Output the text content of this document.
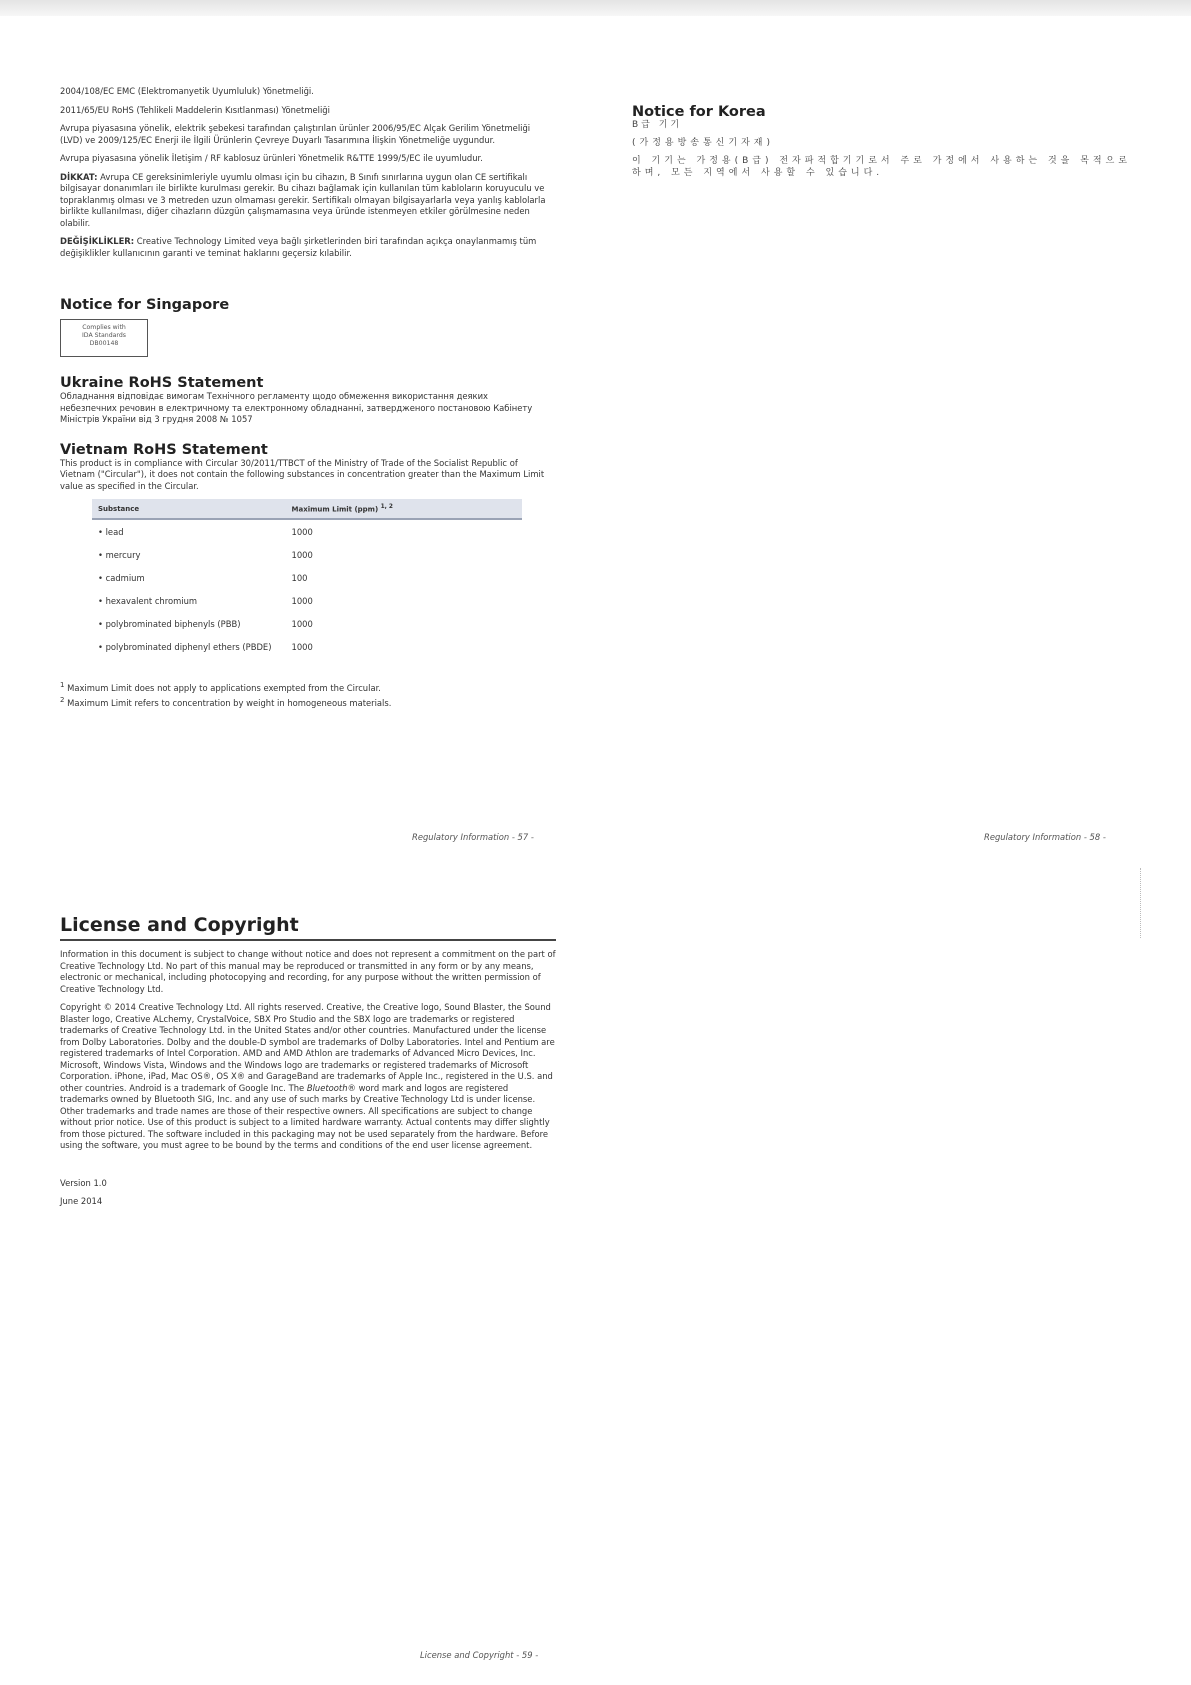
2004/108/EC EMC (Elektromanyetik Uyumluluk) Yönetmeliği.

2011/65/EU RoHS (Tehlikeli Maddelerin Kısıtlanması) Yönetmeliği

Avrupa piyasasına yönelik, elektrik şebekesi tarafından çalıştırılan ürünler 2006/95/EC Alçak Gerilim Yönetmeliği (LVD) ve 2009/125/EC Enerji ile İlgili Ürünlerin Çevreye Duyarlı Tasarımına İlişkin Yönetmeliğe uygundur.

Avrupa piyasasına yönelik İletişim / RF kablosuz ürünleri Yönetmelik R&TTE 1999/5/EC ile uyumludur.

DİKKAT: Avrupa CE gereksinimleriyle uyumlu olması için bu cihazın, B Sınıfı sınırlarına uygun olan CE sertifikalı bilgisayar donanımları ile birlikte kurulması gerekir. Bu cihazı bağlamak için kullanılan tüm kabloların koruyuculu ve topraklanmış olması ve 3 metreden uzun olmaması gerekir. Sertifikalı olmayan bilgisayarlarla veya yanlış kablolarla birlikte kullanılması, diğer cihazların düzgün çalışmamasına veya üründe istenmeyen etkiler görülmesine neden olabilir.

DEĞİŞİKLİKLER: Creative Technology Limited veya bağlı şirketlerinden biri tarafından açıkça onaylanmamış tüm değişiklikler kullanıcının garanti ve teminat haklarını geçersiz kılabilir.

Notice for Singapore
Complies with
IDA Standards
DB00148
Ukraine RoHS Statement

Обладнання відповідає вимогам Технічного регламенту щодо обмеження використання деяких небезпечних речовин в електричному та електронному обладнанні, затвердженого постановою Кабінету Міністрів України від 3 грудня 2008 № 1057

Vietnam RoHS Statement

This product is in compliance with Circular 30/2011/TTBCT of the Ministry of Trade of the Socialist Republic of Vietnam ("Circular"), it does not contain the following substances in concentration greater than the Maximum Limit value as specified in the Circular.

Substance	Maximum Limit (ppm) $^{1, 2}$
• lead	1000
• mercury	1000
• cadmium	100
• hexavalent chromium	1000
• polybrominated biphenyls (PBB)	1000
• polybrominated diphenyl ethers (PBDE)	1000

$^1$ Maximum Limit does not apply to applications exempted from the Circular.

$^2$ Maximum Limit refers to concentration by weight in homogeneous materials.

Regulatory Information - 57 -
Notice for Korea

B급 기기

(가정용방송통신기자재)

이 기기는 가정용(B급) 전자파적합기기로서 주로 가정에서 사용하는 것을 목적으로 하며, 모든 지역에서 사용할 수 있습니다.

Regulatory Information - 58 -
License and Copyright

Information in this document is subject to change without notice and does not represent a commitment on the part of Creative Technology Ltd. No part of this manual may be reproduced or transmitted in any form or by any means, electronic or mechanical, including photocopying and recording, for any purpose without the written permission of Creative Technology Ltd.

Copyright © 2014 Creative Technology Ltd. All rights reserved. Creative, the Creative logo, Sound Blaster, the Sound Blaster logo, Creative ALchemy, CrystalVoice, SBX Pro Studio and the SBX logo are trademarks or registered trademarks of Creative Technology Ltd. in the United States and/or other countries. Manufactured under the license from Dolby Laboratories. Dolby and the double-D symbol are trademarks of Dolby Laboratories. Intel and Pentium are registered trademarks of Intel Corporation. AMD and AMD Athlon are trademarks of Advanced Micro Devices, Inc. Microsoft, Windows Vista, Windows and the Windows logo are trademarks or registered trademarks of Microsoft Corporation. iPhone, iPad, Mac OS®, OS X® and GarageBand are trademarks of Apple Inc., registered in the U.S. and other countries. Android is a trademark of Google Inc. The Bluetooth® word mark and logos are registered trademarks owned by Bluetooth SIG, Inc. and any use of such marks by Creative Technology Ltd is under license. Other trademarks and trade names are those of their respective owners. All specifications are subject to change without prior notice. Use of this product is subject to a limited hardware warranty. Actual contents may differ slightly from those pictured. The software included in this packaging may not be used separately from the hardware. Before using the software, you must agree to be bound by the terms and conditions of the end user license agreement.

Version 1.0

June 2014

License and Copyright - 59 -
